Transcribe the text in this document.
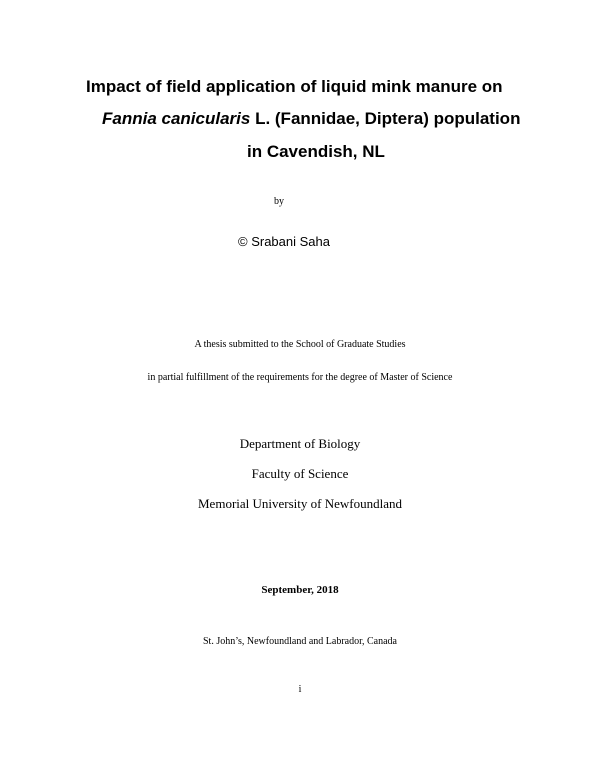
Impact of field application of liquid mink manure on
Fannia canicularis L. (Fannidae, Diptera) population
in Cavendish, NL
by
© Srabani Saha
A thesis submitted to the School of Graduate Studies
in partial fulfillment of the requirements for the degree of Master of Science
Department of Biology
Faculty of Science
Memorial University of Newfoundland
September, 2018
St. John’s, Newfoundland and Labrador, Canada
i
